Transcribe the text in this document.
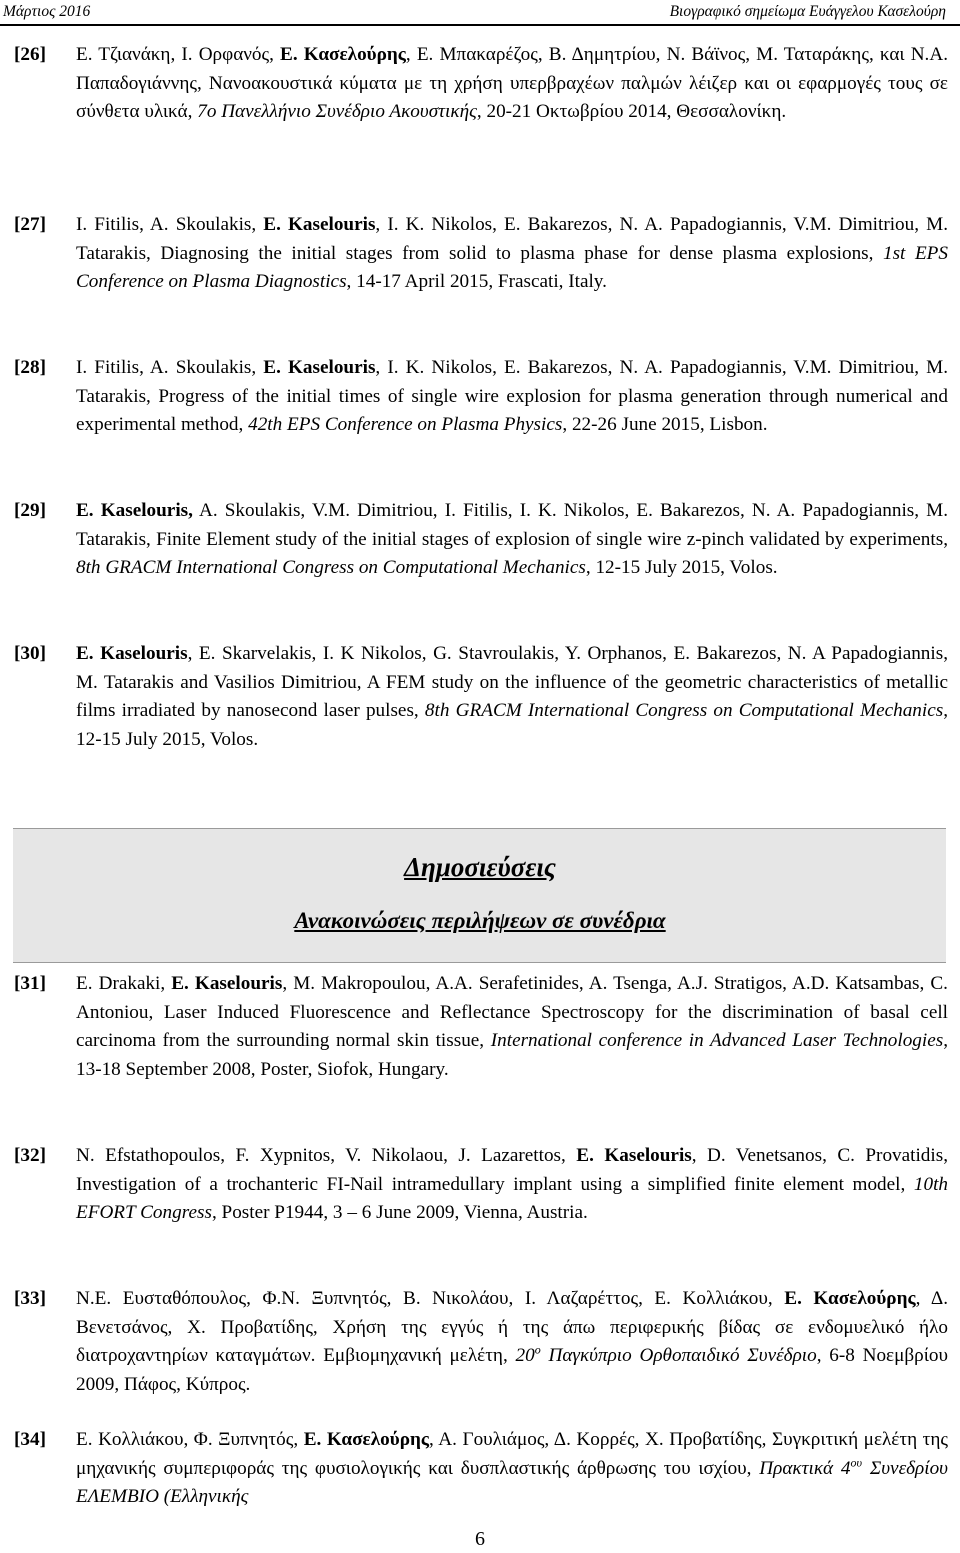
Μάρτιος 2016	Βιογραφικό σημείωμα Ευάγγελου Κασελούρη
[26] Ε. Τζιανάκη, Ι. Ορφανός, Ε. Κασελούρης, Ε. Μπακαρέζος, Β. Δημητρίου, Ν. Βάϊνος, Μ. Ταταράκης, και Ν.Α. Παπαδογιάννης, Νανοακουστικά κύματα με τη χρήση υπερβραχέων παλμών λέιζερ και οι εφαρμογές τους σε σύνθετα υλικά, 7ο Πανελλήνιο Συνέδριο Ακουστικής, 20-21 Οκτωβρίου 2014, Θεσσαλονίκη.
[27] I. Fitilis, A. Skoulakis, E. Kaselouris, I. K. Nikolos, E. Bakarezos, N. A. Papadogiannis, V.M. Dimitriou, M. Tatarakis, Diagnosing the initial stages from solid to plasma phase for dense plasma explosions, 1st EPS Conference on Plasma Diagnostics, 14-17 April 2015, Frascati, Italy.
[28] I. Fitilis, A. Skoulakis, E. Kaselouris, I. K. Nikolos, E. Bakarezos, N. A. Papadogiannis, V.M. Dimitriou, M. Tatarakis, Progress of the initial times of single wire explosion for plasma generation through numerical and experimental method, 42th EPS Conference on Plasma Physics, 22-26 June 2015, Lisbon.
[29] E. Kaselouris, A. Skoulakis, V.M. Dimitriou, I. Fitilis, I. K. Nikolos, E. Bakarezos, N. A. Papadogiannis, M. Tatarakis, Finite Element study of the initial stages of explosion of single wire z-pinch validated by experiments, 8th GRACM International Congress on Computational Mechanics, 12-15 July 2015, Volos.
[30] E. Kaselouris, E. Skarvelakis, I. K Nikolos, G. Stavroulakis, Y. Orphanos, E. Bakarezos, N. A Papadogiannis, M. Tatarakis and Vasilios Dimitriou, A FEM study on the influence of the geometric characteristics of metallic films irradiated by nanosecond laser pulses, 8th GRACM International Congress on Computational Mechanics, 12-15 July 2015, Volos.
Δημοσιεύσεις
Ανακοινώσεις περιλήψεων σε συνέδρια
[31] E. Drakaki, E. Kaselouris, M. Makropoulou, A.A. Serafetinides, A. Tsenga, A.J. Stratigos, A.D. Katsambas, C. Antoniou, Laser Induced Fluorescence and Reflectance Spectroscopy for the discrimination of basal cell carcinoma from the surrounding normal skin tissue, International conference in Advanced Laser Technologies, 13-18 September 2008, Poster, Siofok, Hungary.
[32] N. Efstathopoulos, F. Xypnitos, V. Nikolaou, J. Lazarettos, E. Kaselouris, D. Venetsanos, C. Provatidis, Investigation of a trochanteric FI-Nail intramedullary implant using a simplified finite element model, 10th EFORT Congress, Poster P1944, 3 – 6 June 2009, Vienna, Austria.
[33] Ν.Ε. Ευσταθόπουλος, Φ.Ν. Ξυπνητός, Β. Νικολάου, Ι. Λαζαρέττος, Ε. Κολλιάκου, Ε. Κασελούρης, Δ. Βενετσάνος, Χ. Προβατίδης, Χρήση της εγγύς ή της άπω περιφερικής βίδας σε ενδομυελικό ήλο διατροχαντηρίων καταγμάτων. Εμβιομηχανική μελέτη, $20^o$ Παγκύπριο Ορθοπαιδικό Συνέδριο, 6-8 Νοεμβρίου 2009, Πάφος, Κύπρος.
[34] Ε. Κολλιάκου, Φ. Ξυπνητός, Ε. Κασελούρης, Α. Γουλιάμος, Δ. Κορρές, Χ. Προβατίδης, Συγκριτική μελέτη της μηχανικής συμπεριφοράς της φυσιολογικής και δυσπλαστικής άρθρωσης του ισχίου, Πρακτικά $4^{o\upsilon}$ Συνεδρίου ΕΛΕΜΒΙΟ (Ελληνικής
6
